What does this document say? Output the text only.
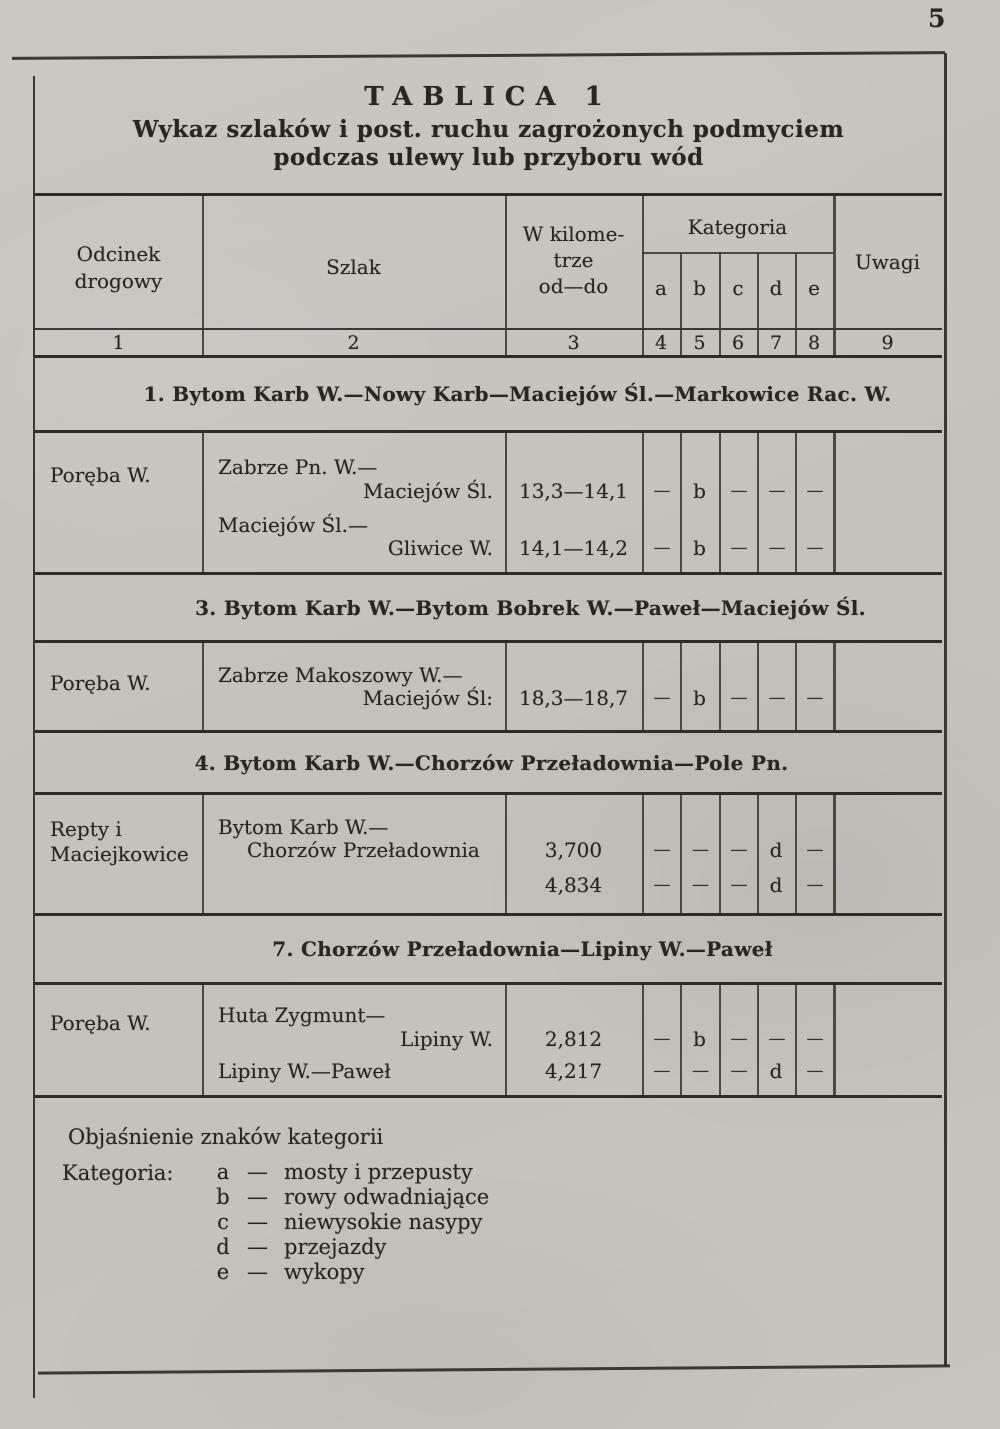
5
TABLICA 1
Wykaz szlaków i post. ruchu zagrożonych podmyciem
podczas ulewy lub przyboru wód
Odcinek
drogowy
Szlak
W kilome-
trze
od—do
Kategoria
a	b	c	d	e
Uwagi
1	2	3	4	5	6	7	8	9
1. Bytom Karb W.—Nowy Karb—Maciejów Śl.—Markowice Rac. W.
Poręba W.	Zabrze Pn. W.—
Maciejów Śl.	13,3—14,1	—	b	—	—	—
Maciejów Śl.—
Gliwice W.	14,1—14,2	—	b	—	—	—
3. Bytom Karb W.—Bytom Bobrek W.—Paweł—Maciejów Śl.
Poręba W.	Zabrze Makoszowy W.—
Maciejów Śl:	18,3—18,7	—	b	—	—	—
4. Bytom Karb W.—Chorzów Przeładownia—Pole Pn.
Repty i
Maciejkowice
Bytom Karb W.—
Chorzów Przeładownia	3,700	—	—	—	d	—
4,834	—	—	—	d	—
7. Chorzów Przeładownia—Lipiny W.—Paweł
Poręba W.	Huta Zygmunt—
Lipiny W.	2,812	—	b	—	—	—
Lipiny W.—Paweł	4,217	—	—	—	d	—
Objaśnienie znaków kategorii
Kategoria: a — mosty i przepusty
b — rowy odwadniające
c — niewysokie nasypy
d — przejazdy
e — wykopy
